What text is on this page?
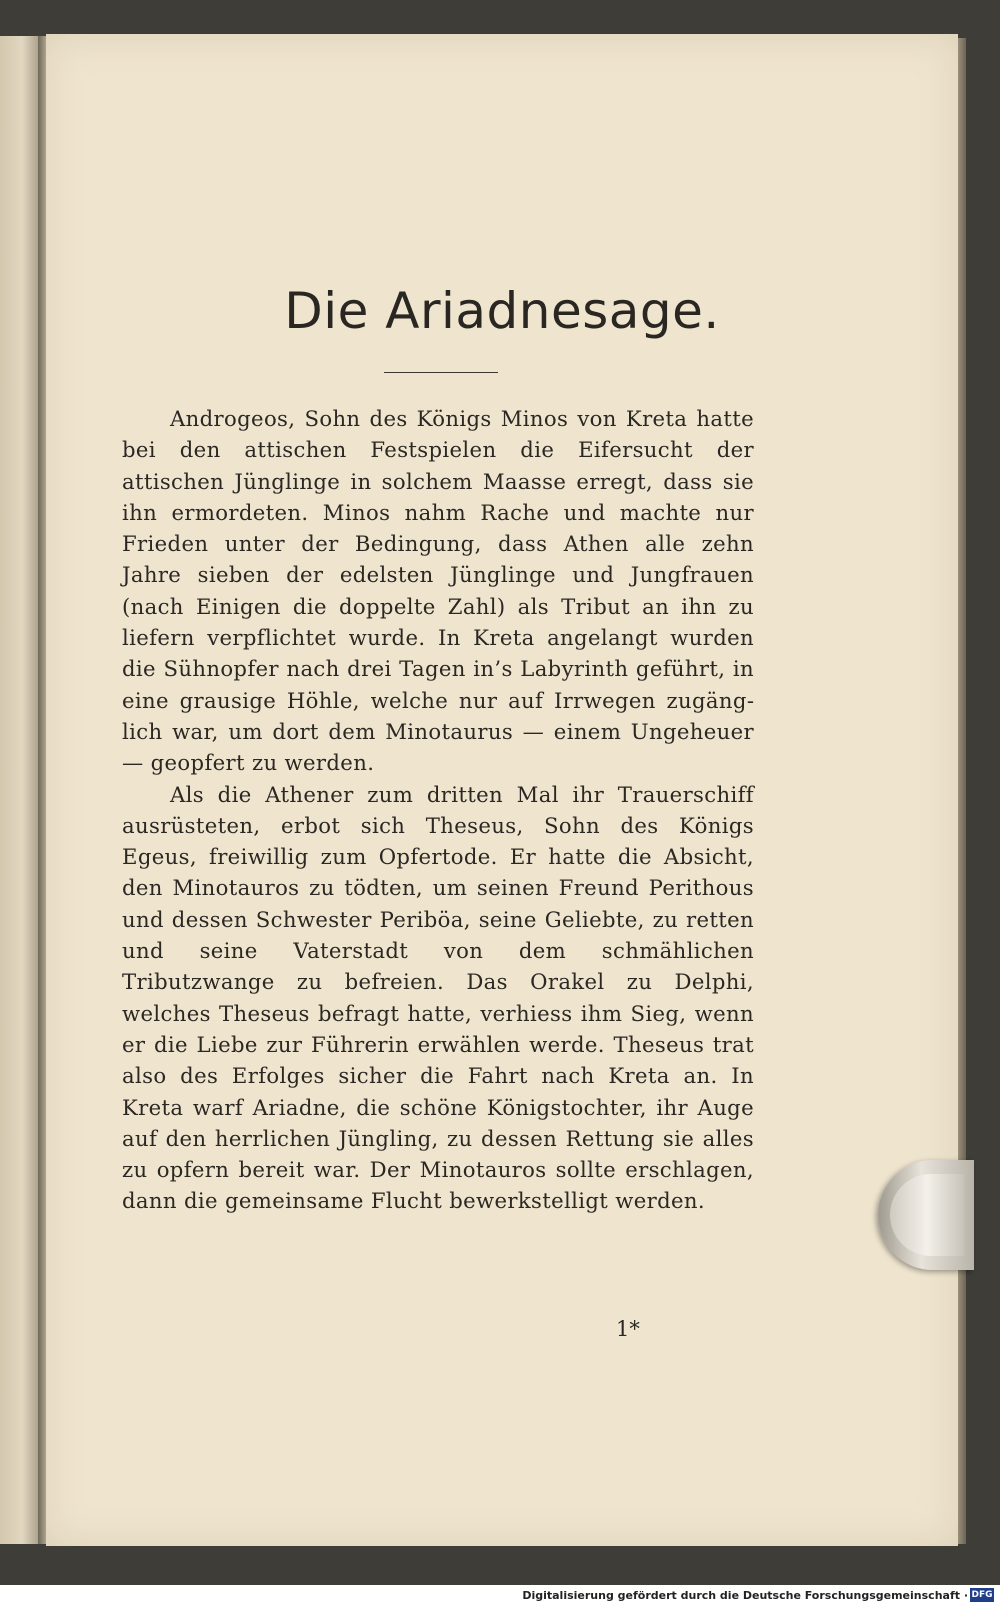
Die Ariadnesage.

Androgeos, Sohn des Königs Minos von Kreta hatte bei den attischen Festspielen die Eifersucht der attischen Jünglinge in solchem Maasse erregt, dass sie ihn ermordeten. Minos nahm Rache und machte nur Frieden unter der Bedingung, dass Athen alle zehn Jahre sieben der edelsten Jünglinge und Jungfrauen (nach Einigen die doppelte Zahl) als Tribut an ihn zu liefern verpflichtet wurde. In Kreta angelangt wurden die Sühnopfer nach drei Tagen in’s Labyrinth geführt, in eine grausige Höhle, welche nur auf Irrwegen zugänglich war, um dort dem Minotaurus — einem Ungeheuer — geopfert zu werden.

Als die Athener zum dritten Mal ihr Trauerschiff ausrüsteten, erbot sich Theseus, Sohn des Königs Egeus, freiwillig zum Opfertode. Er hatte die Absicht, den Minotauros zu tödten, um seinen Freund Perithous und dessen Schwester Periböa, seine Geliebte, zu retten und seine Vaterstadt von dem schmählichen Tributzwange zu befreien. Das Orakel zu Delphi, welches Theseus befragt hatte, verhiess ihm Sieg, wenn er die Liebe zur Führerin erwählen werde. Theseus trat also des Erfolges sicher die Fahrt nach Kreta an. In Kreta warf Ariadne, die schöne Königstochter, ihr Auge auf den herrlichen Jüngling, zu dessen Rettung sie alles zu opfern bereit war. Der Minotauros sollte erschlagen, dann die gemeinsame Flucht bewerkstelligt werden.

1*
Digitalisierung gefördert durch die Deutsche Forschungsgemeinschaft · DFG
